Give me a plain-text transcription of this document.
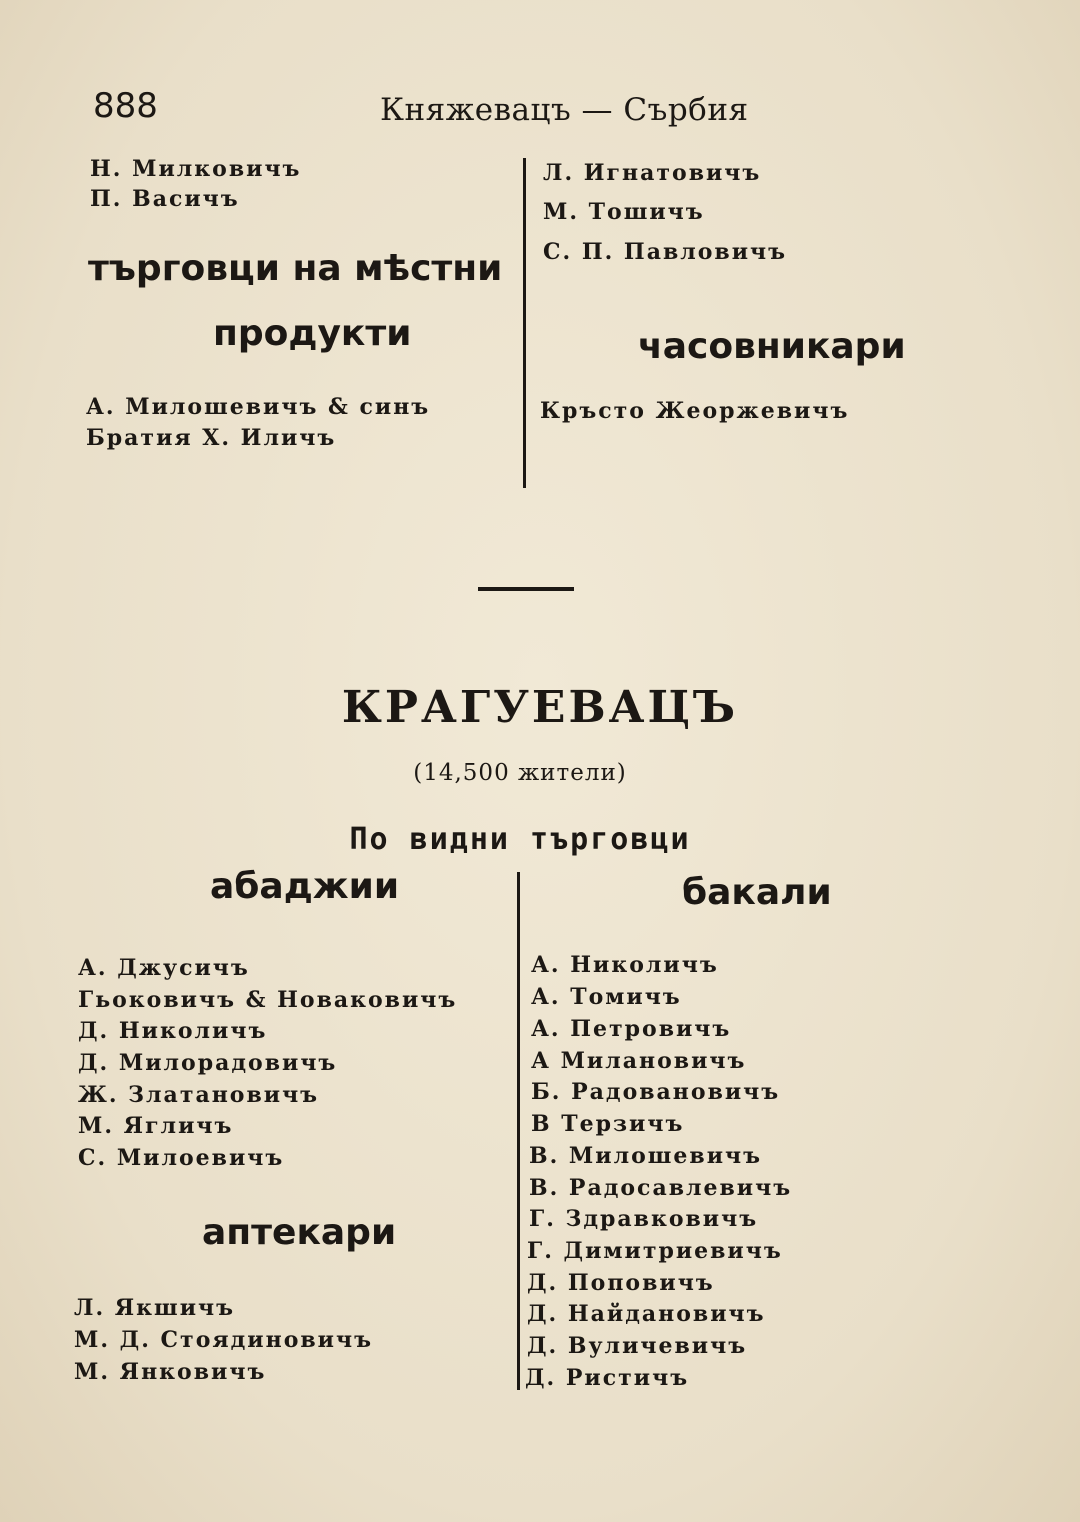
888	Княжевацъ — Сърбия
Н. Милковичъ
П. Васичъ
търговци на мѣстни
продукти
А. Милошевичъ & синъ
Братия Х. Иличъ
Л. Игнатовичъ
М. Тошичъ
С. П. Павловичъ
часовникари
Кръсто Жеоржевичъ
КРАГУЕВАЦЪ
(14,500 жители)
По видни търговци
абаджии
А. Джусичъ
Гьоковичъ & Новаковичъ
Д. Николичъ
Д. Милорадовичъ
Ж. Златановичъ
М. Ягличъ
С. Милоевичъ
аптекари
Л. Якшичъ
М. Д. Стоядиновичъ
М. Янковичъ
бакали
А. Николичъ
А. Томичъ
А. Петровичъ
А Милановичъ
Б. Радовановичъ
В Терзичъ
В. Милошевичъ
В. Радосавлевичъ
Г. Здравковичъ
Г. Димитриевичъ
Д. Поповичъ
Д. Найдановичъ
Д. Вуличевичъ
Д. Ристичъ
